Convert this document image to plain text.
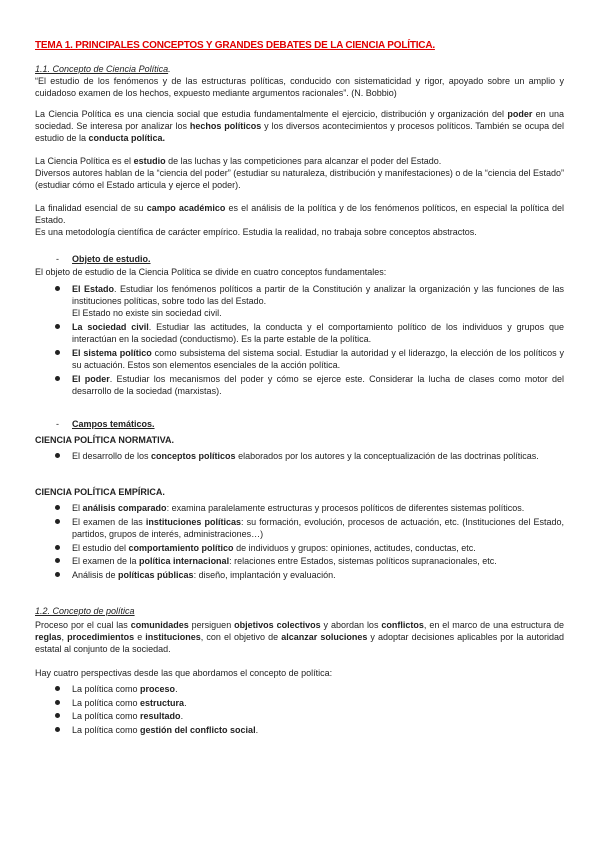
TEMA 1. PRINCIPALES CONCEPTOS Y GRANDES DEBATES DE LA CIENCIA POLÍTICA.
1.1. Concepto de Ciencia Política.

“El estudio de los fenómenos y de las estructuras políticas, conducido con sistematicidad y rigor, apoyado sobre un amplio y cuidadoso examen de los hechos, expuesto mediante argumentos racionales”. (N. Bobbio)

La Ciencia Política es una ciencia social que estudia fundamentalmente el ejercicio, distribución y organización del poder en una sociedad. Se interesa por analizar los hechos políticos y los diversos acontecimientos y procesos políticos. También se ocupa del estudio de la conducta política.

La Ciencia Política es el estudio de las luchas y las competiciones para alcanzar el poder del Estado.

Diversos autores hablan de la “ciencia del poder” (estudiar su naturaleza, distribución y manifestaciones) o de la “ciencia del Estado” (estudiar cómo el Estado articula y ejerce el poder).

La finalidad esencial de su campo académico es el análisis de la política y de los fenómenos políticos, en especial la política del Estado.

Es una metodología científica de carácter empírico. Estudia la realidad, no trabaja sobre conceptos abstractos.

- Objeto de estudio.
El objeto de estudio de la Ciencia Política se divide en cuatro conceptos fundamentales:
El Estado. Estudiar los fenómenos políticos a partir de la Constitución y analizar la organización y las funciones de las instituciones políticas, sobre todo las del Estado.
El Estado no existe sin sociedad civil.
La sociedad civil. Estudiar las actitudes, la conducta y el comportamiento político de los individuos y grupos que interactúan en la sociedad (conductismo). Es la parte estable de la política.
El sistema político como subsistema del sistema social. Estudiar la autoridad y el liderazgo, la elección de los políticos y su actuación. Estos son elementos esenciales de la acción política.
El poder. Estudiar los mecanismos del poder y cómo se ejerce este. Considerar la lucha de clases como motor del desarrollo de la sociedad (marxistas).
- Campos temáticos.
CIENCIA POLÍTICA NORMATIVA.
El desarrollo de los conceptos políticos elaborados por los autores y la conceptualización de las doctrinas políticas.
CIENCIA POLÍTICA EMPÍRICA.
El análisis comparado: examina paralelamente estructuras y procesos políticos de diferentes sistemas políticos.
El examen de las instituciones políticas: su formación, evolución, procesos de actuación, etc. (Instituciones del Estado, partidos, grupos de interés, administraciones…)
El estudio del comportamiento político de individuos y grupos: opiniones, actitudes, conductas, etc.
El examen de la política internacional: relaciones entre Estados, sistemas políticos supranacionales, etc.
Análisis de políticas públicas: diseño, implantación y evaluación.
1.2. Concepto de política

Proceso por el cual las comunidades persiguen objetivos colectivos y abordan los conflictos, en el marco de una estructura de reglas, procedimientos e instituciones, con el objetivo de alcanzar soluciones y adoptar decisiones aplicables por la autoridad estatal al conjunto de la sociedad.

Hay cuatro perspectivas desde las que abordamos el concepto de política:
La política como proceso.
La política como estructura.
La política como resultado.
La política como gestión del conflicto social.
